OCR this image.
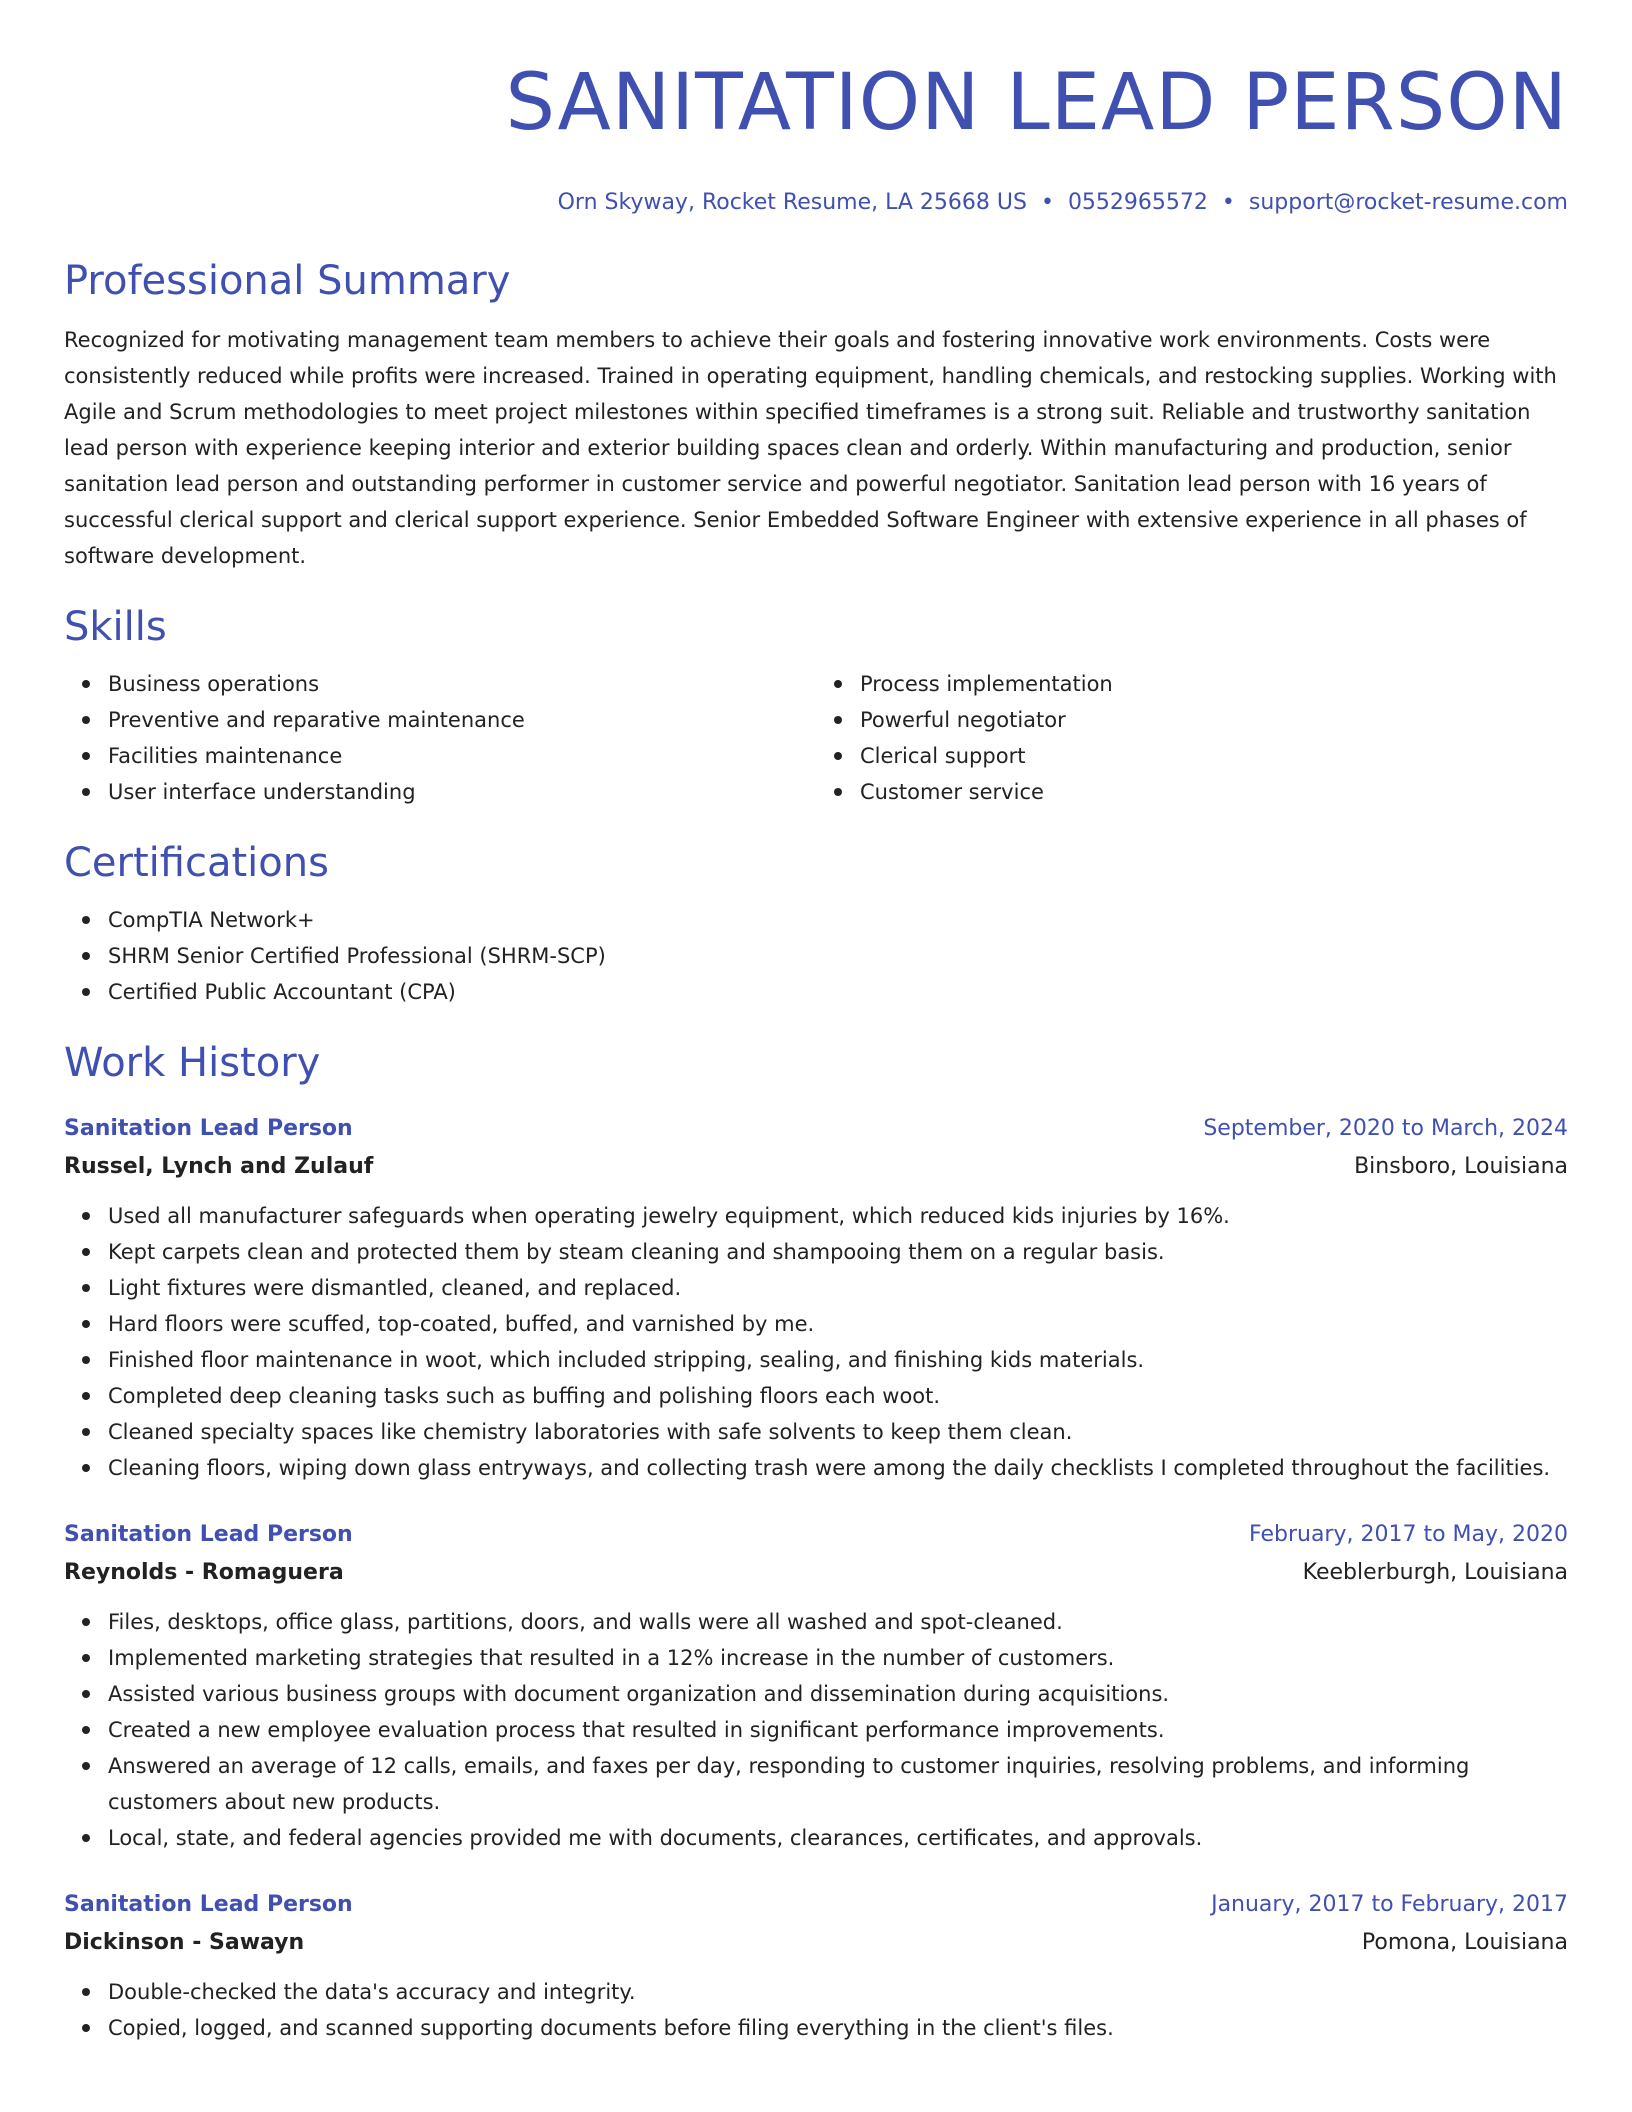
SANITATION LEAD PERSON
Orn Skyway, Rocket Resume, LA 25668 US • 0552965572 • support@rocket-resume.com
Professional Summary

Recognized for motivating management team members to achieve their goals and fostering innovative work environments. Costs were consistently reduced while profits were increased. Trained in operating equipment, handling chemicals, and restocking supplies. Working with Agile and Scrum methodologies to meet project milestones within specified timeframes is a strong suit. Reliable and trustworthy sanitation lead person with experience keeping interior and exterior building spaces clean and orderly. Within manufacturing and production, senior sanitation lead person and outstanding performer in customer service and powerful negotiator. Sanitation lead person with 16 years of successful clerical support and clerical support experience. Senior Embedded Software Engineer with extensive experience in all phases of software development.

Skills
Business operations
Preventive and reparative maintenance
Facilities maintenance
User interface understanding
Process implementation
Powerful negotiator
Clerical support
Customer service
Certifications
CompTIA Network+
SHRM Senior Certified Professional (SHRM-SCP)
Certified Public Accountant (CPA)
Work History
Sanitation Lead Person	September, 2020 to March, 2024
Russel, Lynch and Zulauf	Binsboro, Louisiana
Used all manufacturer safeguards when operating jewelry equipment, which reduced kids injuries by 16%.
Kept carpets clean and protected them by steam cleaning and shampooing them on a regular basis.
Light fixtures were dismantled, cleaned, and replaced.
Hard floors were scuffed, top-coated, buffed, and varnished by me.
Finished floor maintenance in woot, which included stripping, sealing, and finishing kids materials.
Completed deep cleaning tasks such as buffing and polishing floors each woot.
Cleaned specialty spaces like chemistry laboratories with safe solvents to keep them clean.
Cleaning floors, wiping down glass entryways, and collecting trash were among the daily checklists I completed throughout the facilities.
Sanitation Lead Person	February, 2017 to May, 2020
Reynolds - Romaguera	Keeblerburgh, Louisiana
Files, desktops, office glass, partitions, doors, and walls were all washed and spot-cleaned.
Implemented marketing strategies that resulted in a 12% increase in the number of customers.
Assisted various business groups with document organization and dissemination during acquisitions.
Created a new employee evaluation process that resulted in significant performance improvements.
Answered an average of 12 calls, emails, and faxes per day, responding to customer inquiries, resolving problems, and informing customers about new products.
Local, state, and federal agencies provided me with documents, clearances, certificates, and approvals.
Sanitation Lead Person	January, 2017 to February, 2017
Dickinson - Sawayn	Pomona, Louisiana
Double-checked the data's accuracy and integrity.
Copied, logged, and scanned supporting documents before filing everything in the client's files.
